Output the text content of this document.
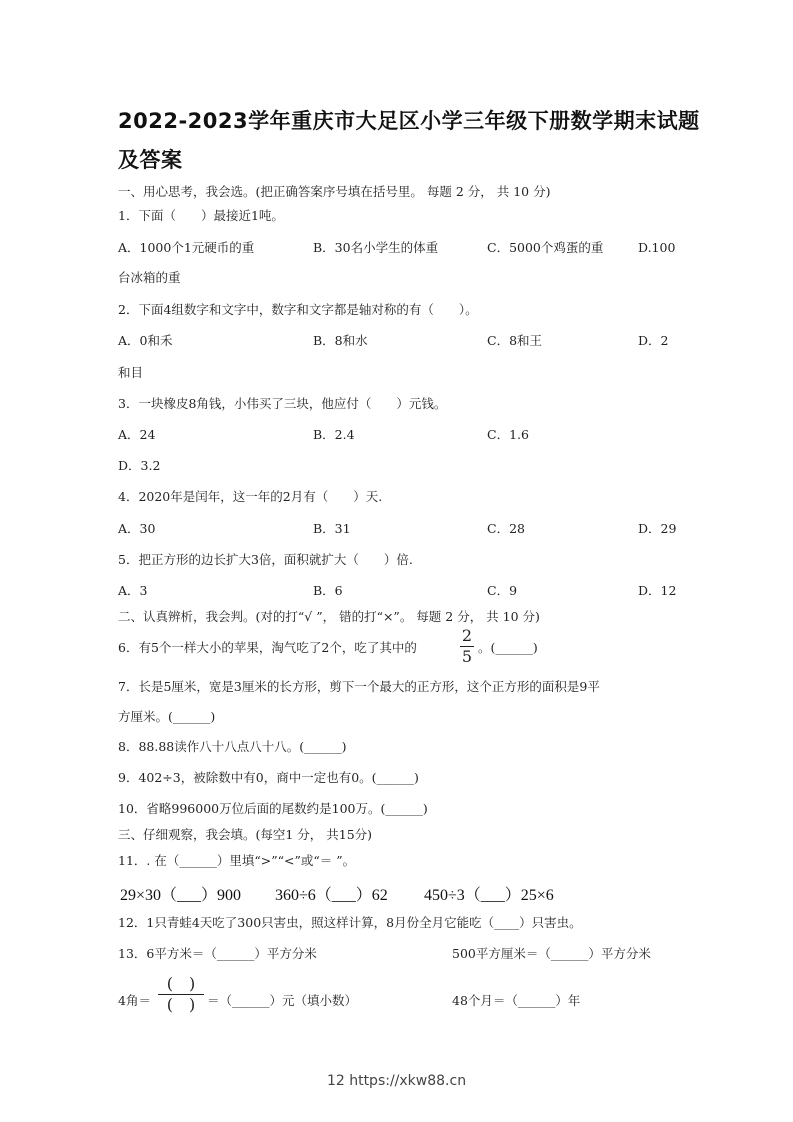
2022-2023学年重庆市大足区小学三年级下册数学期末试题
及答案
一、用心思考，我会选。(把正确答案序号填在括号里。 每题 2 分， 共 10 分)
1．下面（　　）最接近1吨。
A．1000个1元硬币的重	B．30名小学生的体重	C．5000个鸡蛋的重	D.100
台冰箱的重
2．下面4组数字和文字中，数字和文字都是轴对称的有（　　）。
A．0和禾	B．8和水	C．8和王	D．2
和目
3．一块橡皮8角钱，小伟买了三块，他应付（　　）元钱。
A．24	B．2.4	C．1.6
D．3.2
4．2020年是闰年，这一年的2月有（　　）天.
A．30	B．31	C．28	D．29
5．把正方形的边长扩大3倍，面积就扩大（　　）倍.
A．3	B．6	C．9	D．12
二、认真辨析，我会判。(对的打“√ ”， 错的打“×”。 每题 2 分， 共 10 分)
6．有5个一样大小的苹果，淘气吃了2个，吃了其中的
2
5 。(______)
7．长是5厘米，宽是3厘米的长方形，剪下一个最大的正方形，这个正方形的面积是9平
方厘米。(______)
8．88.88读作八十八点八十八。(______)
9．402÷3，被除数中有0，商中一定也有0。(______)
10．省略996000万位后面的尾数约是100万。(______)
三、仔细观察，我会填。(每空1 分， 共15分)
11．. 在（______）里填“>”“<”或“＝ ”。
29×30（___）900 360÷6（___）62 450÷3（___）25×6
12．1只青蛙4天吃了300只害虫，照这样计算，8月份全月它能吃（____）只害虫。
13．6平方米＝（______）平方分米	500平方厘米＝（______）平方分米
4角＝
(　)
(　) ＝（______）元（填小数）	48个月＝（______）年
12 https://xkw88.cn
